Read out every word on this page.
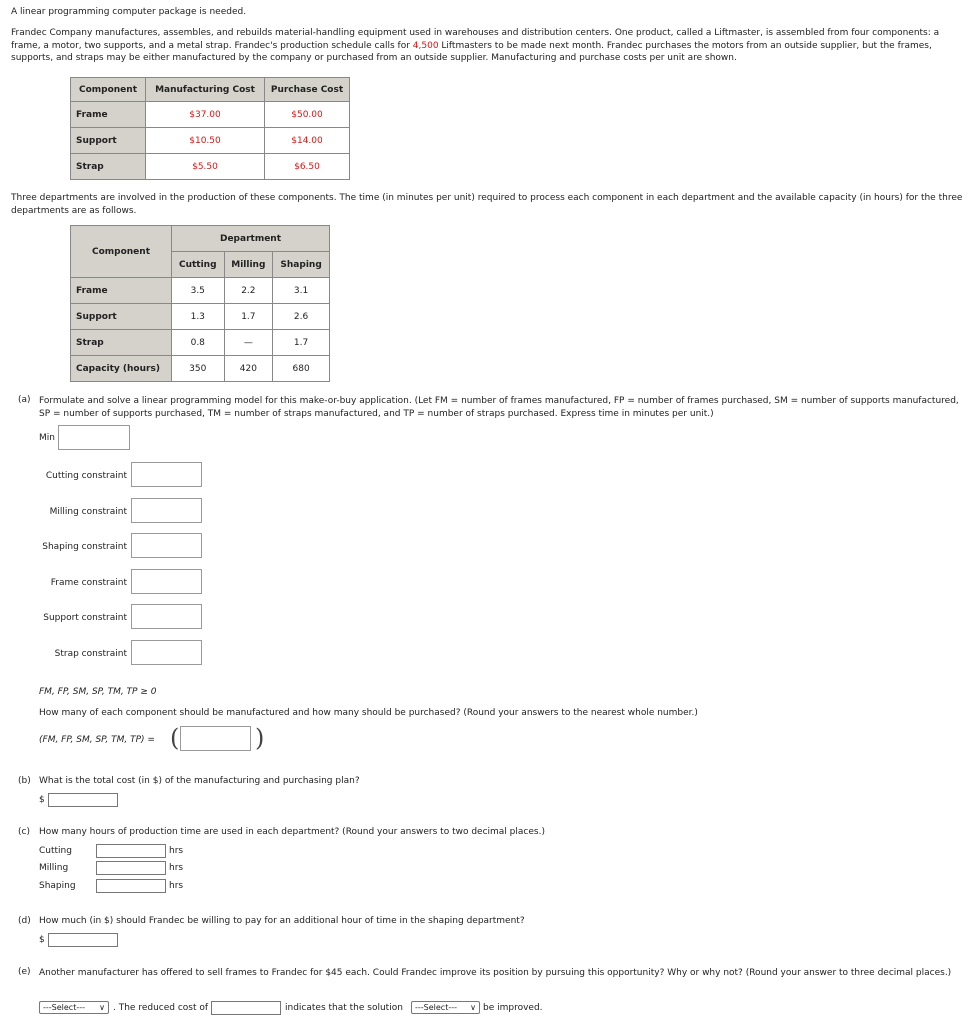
A linear programming computer package is needed.

Frandec Company manufactures, assembles, and rebuilds material-handling equipment used in warehouses and distribution centers. One product, called a Liftmaster, is assembled from four components: a frame, a motor, two supports, and a metal strap. Frandec's production schedule calls for 4,500 Liftmasters to be made next month. Frandec purchases the motors from an outside supplier, but the frames, supports, and straps may be either manufactured by the company or purchased from an outside supplier. Manufacturing and purchase costs per unit are shown.

Component	Manufacturing Cost	Purchase Cost
Frame	$37.00	$50.00
Support	$10.50	$14.00
Strap	$5.50	$6.50

Three departments are involved in the production of these components. The time (in minutes per unit) required to process each component in each department and the available capacity (in hours) for the three departments are as follows.

Component	Department		
	Cutting	Milling	Shaping
Frame	3.5	2.2	3.1
Support	1.3	1.7	2.6
Strap	0.8	—	1.7
Capacity (hours)	350	420	680
(a) Formulate and solve a linear programming model for this make-or-buy application. (Let FM = number of frames manufactured, FP = number of frames purchased, SM = number of supports manufactured, SP = number of supports purchased, TM = number of straps manufactured, and TP = number of straps purchased. Express time in minutes per unit.)

Min
Cutting constraint
Milling constraint
Shaping constraint
Frame constraint
Support constraint
Strap constraint
FM, FP, SM, SP, TM, TP ≥ 0

How many of each component should be manufactured and how many should be purchased? (Round your answers to the nearest whole number.)

(FM, FP, SM, SP, TM, TP) = (	)
(b) What is the total cost (in $) of the manufacturing and purchasing plan?

$
(c) How many hours of production time are used in each department? (Round your answers to two decimal places.)

Cutting	hrs
Milling	hrs
Shaping	hrs
(d) How much (in $) should Frandec be willing to pay for an additional hour of time in the shaping department?

$
(e) Another manufacturer has offered to sell frames to Frandec for $45 each. Could Frandec improve its position by pursuing this opportunity? Why or why not? (Round your answer to three decimal places.)

---Select--- ∨ . The reduced cost of	indicates that the solution	---Select--- ∨ be improved.
